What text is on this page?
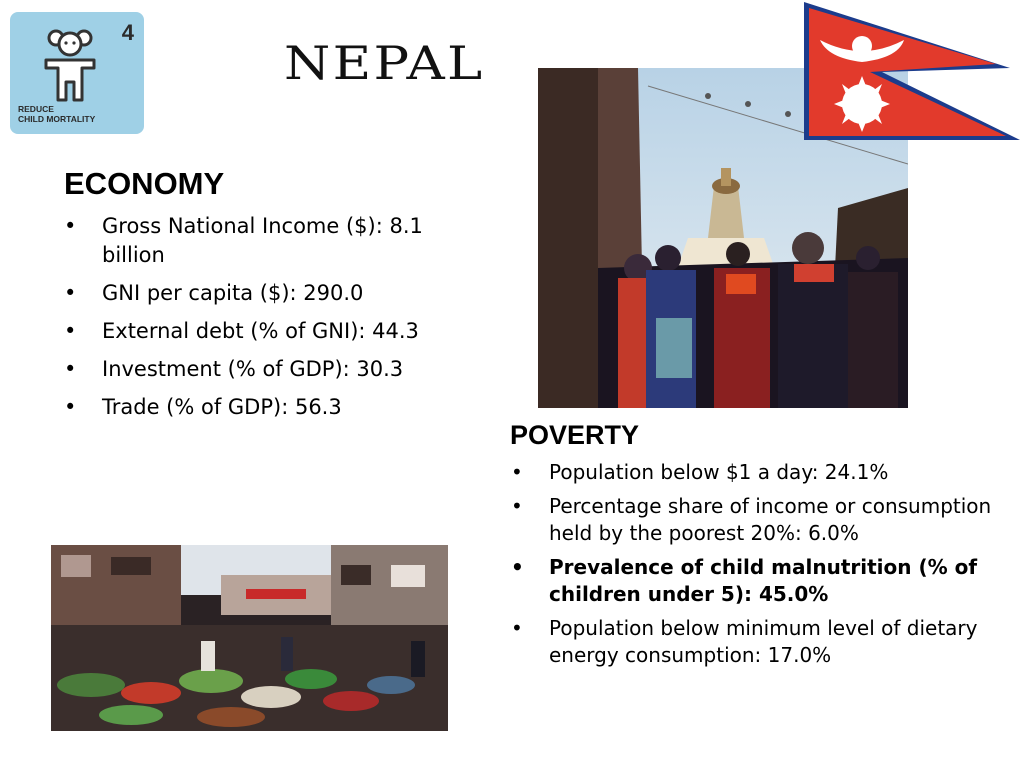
4
REDUCE
CHILD MORTALITY
NEPAL
ECONOMY
• Gross National Income ($): 8.1 billion
• GNI per capita ($): 290.0
• External debt (% of GNI): 44.3
• Investment (% of GDP): 30.3
• Trade (% of GDP): 56.3
POVERTY
• Population below $1 a day: 24.1%
• Percentage share of income or consumption held by the poorest 20%: 6.0%
• Prevalence of child malnutrition (% of children under 5): 45.0%
• Population below minimum level of dietary energy consumption: 17.0%
